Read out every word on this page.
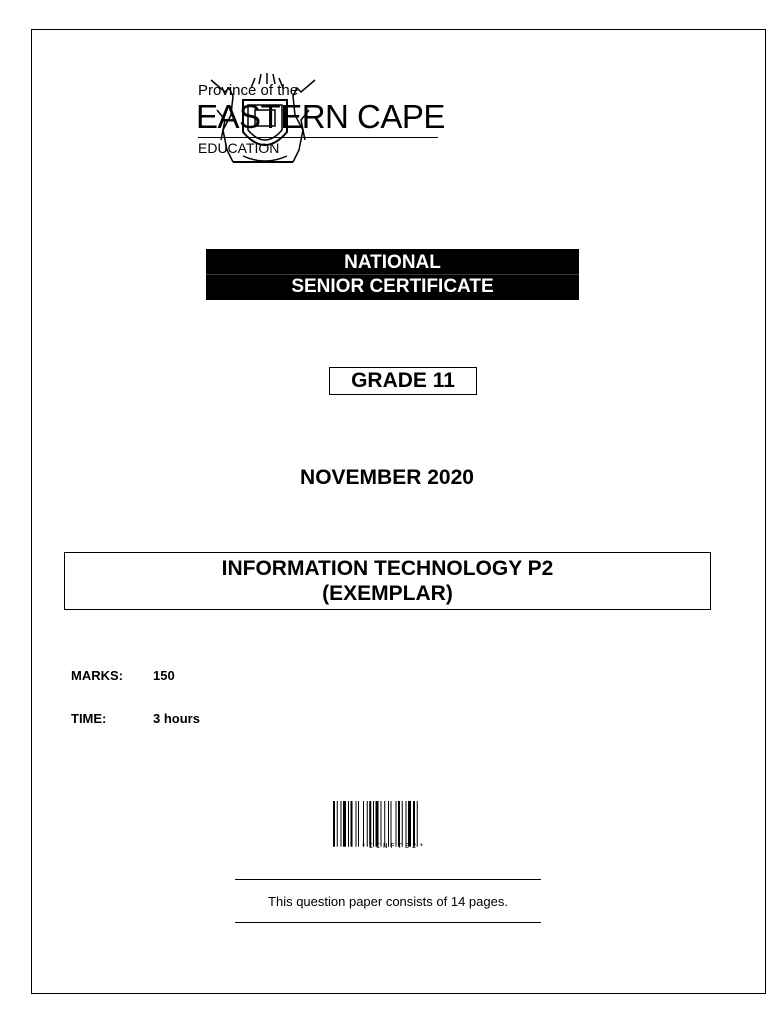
Province of the
EASTERN CAPE
EDUCATION
NATIONAL
SENIOR CERTIFICATE
GRADE 11
NOVEMBER 2020
INFORMATION TECHNOLOGY P2
(EXEMPLAR)
MARKS: 150
TIME:	3 hours
*IINFTE2*
This question paper consists of 14 pages.
